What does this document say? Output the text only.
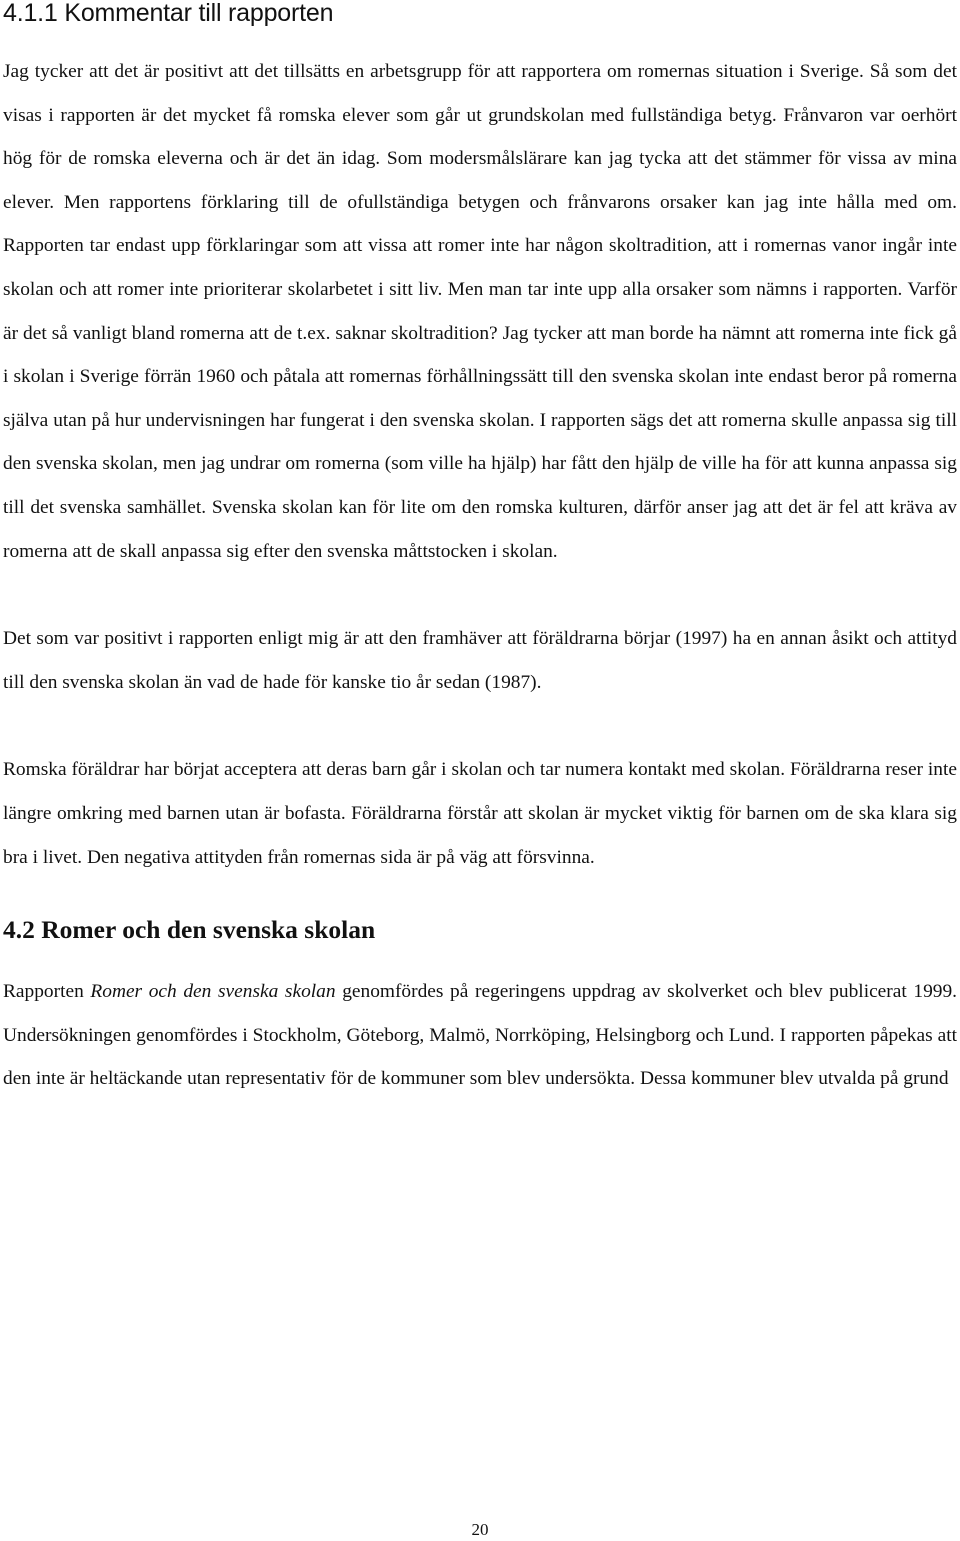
4.1.1 Kommentar till rapporten

Jag tycker att det är positivt att det tillsätts en arbetsgrupp för att rapportera om romernas situation i Sverige. Så som det visas i rapporten är det mycket få romska elever som går ut grundskolan med fullständiga betyg. Frånvaron var oerhört hög för de romska eleverna och är det än idag. Som modersmålslärare kan jag tycka att det stämmer för vissa av mina elever. Men rapportens förklaring till de ofullständiga betygen och frånvarons orsaker kan jag inte hålla med om. Rapporten tar endast upp förklaringar som att vissa att romer inte har någon skoltradition, att i romernas vanor ingår inte skolan och att romer inte prioriterar skolarbetet i sitt liv. Men man tar inte upp alla orsaker som nämns i rapporten. Varför är det så vanligt bland romerna att de t.ex. saknar skoltradition? Jag tycker att man borde ha nämnt att romerna inte fick gå i skolan i Sverige förrän 1960 och påtala att romernas förhållningssätt till den svenska skolan inte endast beror på romerna själva utan på hur undervisningen har fungerat i den svenska skolan. I rapporten sägs det att romerna skulle anpassa sig till den svenska skolan, men jag undrar om romerna (som ville ha hjälp) har fått den hjälp de ville ha för att kunna anpassa sig till det svenska samhället. Svenska skolan kan för lite om den romska kulturen, därför anser jag att det är fel att kräva av romerna att de skall anpassa sig efter den svenska måttstocken i skolan.

Det som var positivt i rapporten enligt mig är att den framhäver att föräldrarna börjar (1997) ha en annan åsikt och attityd till den svenska skolan än vad de hade för kanske tio år sedan (1987).

Romska föräldrar har börjat acceptera att deras barn går i skolan och tar numera kontakt med skolan. Föräldrarna reser inte längre omkring med barnen utan är bofasta. Föräldrarna förstår att skolan är mycket viktig för barnen om de ska klara sig bra i livet. Den negativa attityden från romernas sida är på väg att försvinna.

4.2 Romer och den svenska skolan

Rapporten Romer och den svenska skolan genomfördes på regeringens uppdrag av skolverket och blev publicerat 1999. Undersökningen genomfördes i Stockholm, Göteborg, Malmö, Norrköping, Helsingborg och Lund. I rapporten påpekas att den inte är heltäckande utan representativ för de kommuner som blev undersökta. Dessa kommuner blev utvalda på grund

20
